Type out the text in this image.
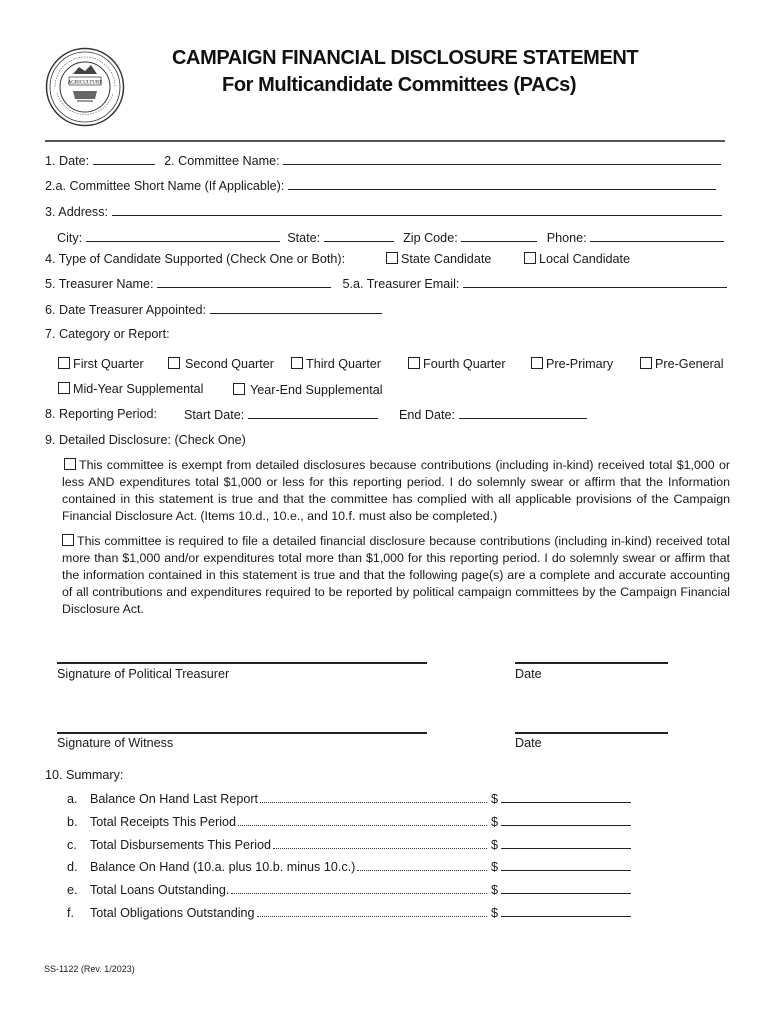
AGRICULTURE
CAMPAIGN FINANCIAL DISCLOSURE STATEMENT
For Multicandidate Committees (PACs)
1. Date:	2. Committee Name:
2.a. Committee Short Name (If Applicable):
3. Address:
City:	State:	Zip Code:	Phone:
4. Type of Candidate Supported (Check One or Both):	State Candidate	Local Candidate
5. Treasurer Name:	5.a. Treasurer Email:
6. Date Treasurer Appointed:
7. Category or Report:
First Quarter	Second Quarter	Third Quarter	Fourth Quarter	Pre-Primary	Pre-General
Mid-Year Supplemental	Year-End Supplemental
8. Reporting Period: Start Date:	End Date:
9. Detailed Disclosure: (Check One)
This committee is exempt from detailed disclosures because contributions (including in-kind) received total $1,000 or less AND expenditures total $1,000 or less for this reporting period. I do solemnly swear or affirm that the Information contained in this statement is true and that the committee has complied with all applicable provisions of the Campaign Financial Disclosure Act. (Items 10.d., 10.e., and 10.f. must also be completed.)
This committee is required to file a detailed financial disclosure because contributions (including in-kind) received total more than $1,000 and/or expenditures total more than $1,000 for this reporting period. I do solemnly swear or affirm that the information contained in this statement is true and that the following page(s) are a complete and accurate accounting of all contributions and expenditures required to be reported by political campaign committees by the Campaign Financial Disclosure Act.
Signature of Political Treasurer	Date
Signature of Witness	Date
10. Summary:
a. Balance On Hand Last Report	$
b. Total Receipts This Period	$
c. Total Disbursements This Period	$
d. Balance On Hand (10.a. plus 10.b. minus 10.c.)	$
e. Total Loans Outstanding.	$
f. Total Obligations Outstanding	$
SS-1122 (Rev. 1/2023)
